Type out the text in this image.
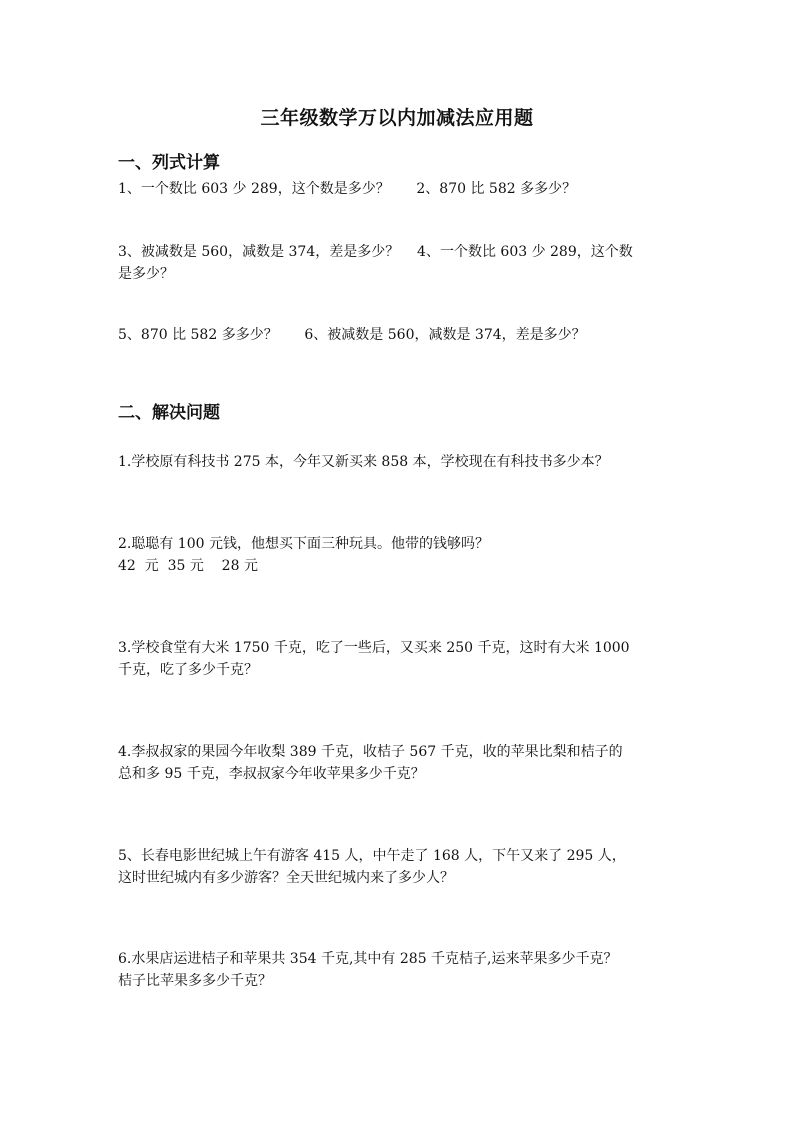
三年级数学万以内加减法应用题
一、列式计算
1、一个数比 603 少 289，这个数是多少？      2、870 比 582 多多少？
3、被减数是 560，减数是 374，差是多少？    4、一个数比 603 少 289，这个数
是多少？
5、870 比 582 多多少？      6、被减数是 560，减数是 374，差是多少？
二、解决问题
1.学校原有科技书 275 本，今年又新买来 858 本，学校现在有科技书多少本？
2.聪聪有 100 元钱，他想买下面三种玩具。他带的钱够吗？
42  元  35 元    28 元
3.学校食堂有大米 1750 千克，吃了一些后，又买来 250 千克，这时有大米 1000
千克，吃了多少千克？
4.李叔叔家的果园今年收梨 389 千克，收桔子 567 千克，收的苹果比梨和桔子的
总和多 95 千克，李叔叔家今年收苹果多少千克？
5、长春电影世纪城上午有游客 415 人，中午走了 168 人，下午又来了 295 人，
这时世纪城内有多少游客？全天世纪城内来了多少人？
6.水果店运进桔子和苹果共 354 千克,其中有 285 千克桔子,运来苹果多少千克？
桔子比苹果多多少千克？
